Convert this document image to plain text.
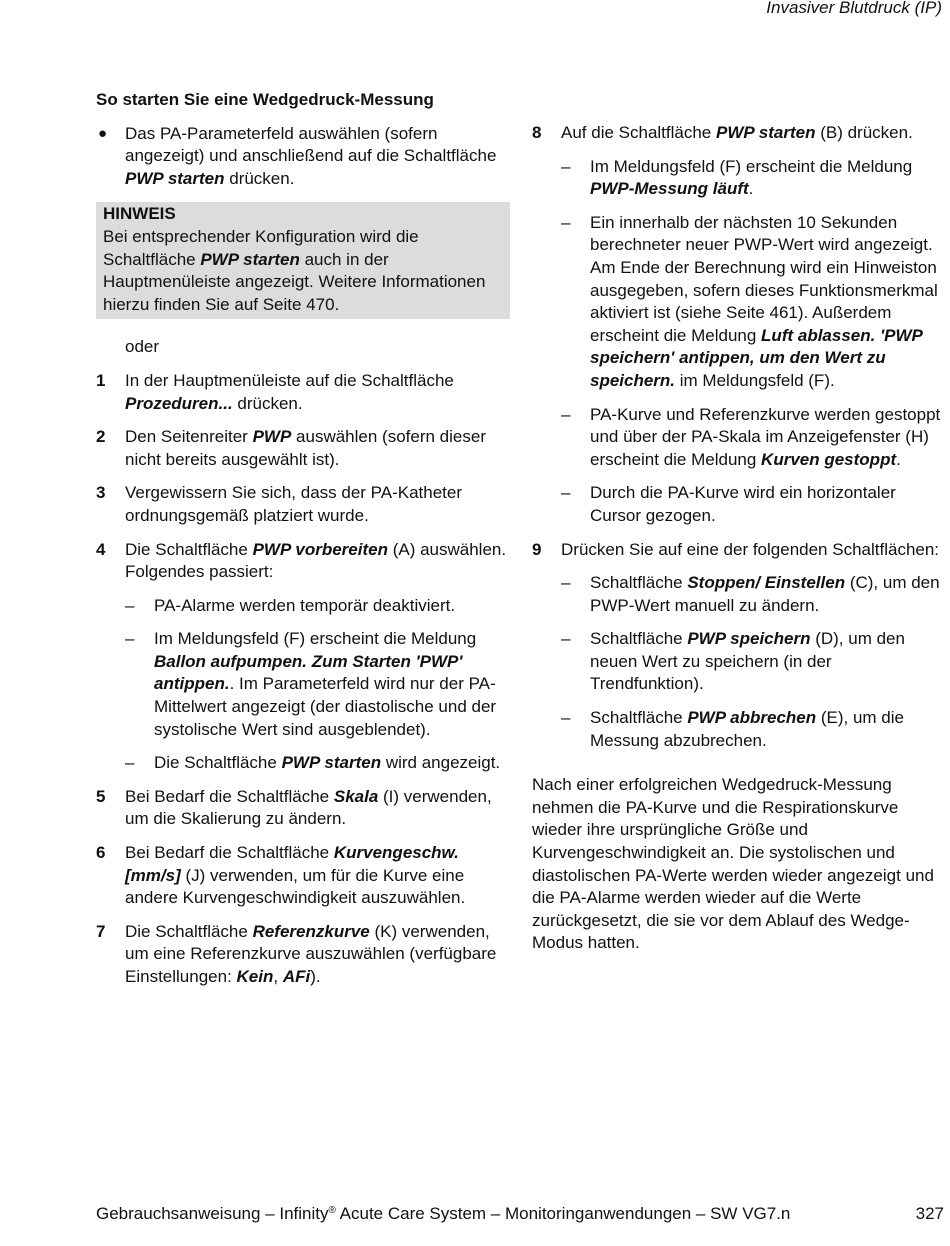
Invasiver Blutdruck (IP)
So starten Sie eine Wedgedruck-Messung
● Das PA-Parameterfeld auswählen (sofern angezeigt) und anschließend auf die Schaltfläche PWP starten drücken.
HINWEIS
Bei entsprechender Konfiguration wird die Schaltfläche PWP starten auch in der Hauptmenüleiste angezeigt. Weitere Informationen hierzu finden Sie auf Seite 470.
oder
1 In der Hauptmenüleiste auf die Schaltfläche Prozeduren... drücken.
2 Den Seitenreiter PWP auswählen (sofern dieser nicht bereits ausgewählt ist).
3 Vergewissern Sie sich, dass der PA-Katheter ordnungsgemäß platziert wurde.
4 Die Schaltfläche PWP vorbereiten (A) auswählen. Folgendes passiert:
– PA-Alarme werden temporär deaktiviert.
– Im Meldungsfeld (F) erscheint die Meldung Ballon aufpumpen. Zum Starten 'PWP' antippen.. Im Parameterfeld wird nur der PA-Mittelwert angezeigt (der diastolische und der systolische Wert sind ausgeblendet).
– Die Schaltfläche PWP starten wird angezeigt.
5 Bei Bedarf die Schaltfläche Skala (I) verwenden, um die Skalierung zu ändern.
6 Bei Bedarf die Schaltfläche Kurvengeschw. [mm/s] (J) verwenden, um für die Kurve eine andere Kurvengeschwindigkeit auszuwählen.
7 Die Schaltfläche Referenzkurve (K) verwenden, um eine Referenzkurve auszuwählen (verfügbare Einstellungen: Kein, AFi).
8 Auf die Schaltfläche PWP starten (B) drücken.
– Im Meldungsfeld (F) erscheint die Meldung PWP-Messung läuft.
– Ein innerhalb der nächsten 10 Sekunden berechneter neuer PWP-Wert wird angezeigt. Am Ende der Berechnung wird ein Hinweiston ausgegeben, sofern dieses Funktionsmerkmal aktiviert ist (siehe Seite 461). Außerdem erscheint die Meldung Luft ablassen. 'PWP speichern' antippen, um den Wert zu speichern. im Meldungsfeld (F).
– PA-Kurve und Referenzkurve werden gestoppt und über der PA-Skala im Anzeigefenster (H) erscheint die Meldung Kurven gestoppt.
– Durch die PA-Kurve wird ein horizontaler Cursor gezogen.
9 Drücken Sie auf eine der folgenden Schaltflächen:
– Schaltfläche Stoppen/ Einstellen (C), um den PWP-Wert manuell zu ändern.
– Schaltfläche PWP speichern (D), um den neuen Wert zu speichern (in der Trendfunktion).
– Schaltfläche PWP abbrechen (E), um die Messung abzubrechen.
Nach einer erfolgreichen Wedgedruck-Messung nehmen die PA-Kurve und die Respirationskurve wieder ihre ursprüngliche Größe und Kurvengeschwindigkeit an. Die systolischen und diastolischen PA-Werte werden wieder angezeigt und die PA-Alarme werden wieder auf die Werte zurückgesetzt, die sie vor dem Ablauf des Wedge-Modus hatten.
Gebrauchsanweisung – Infinity® Acute Care System – Monitoringanwendungen – SW VG7.n	327
